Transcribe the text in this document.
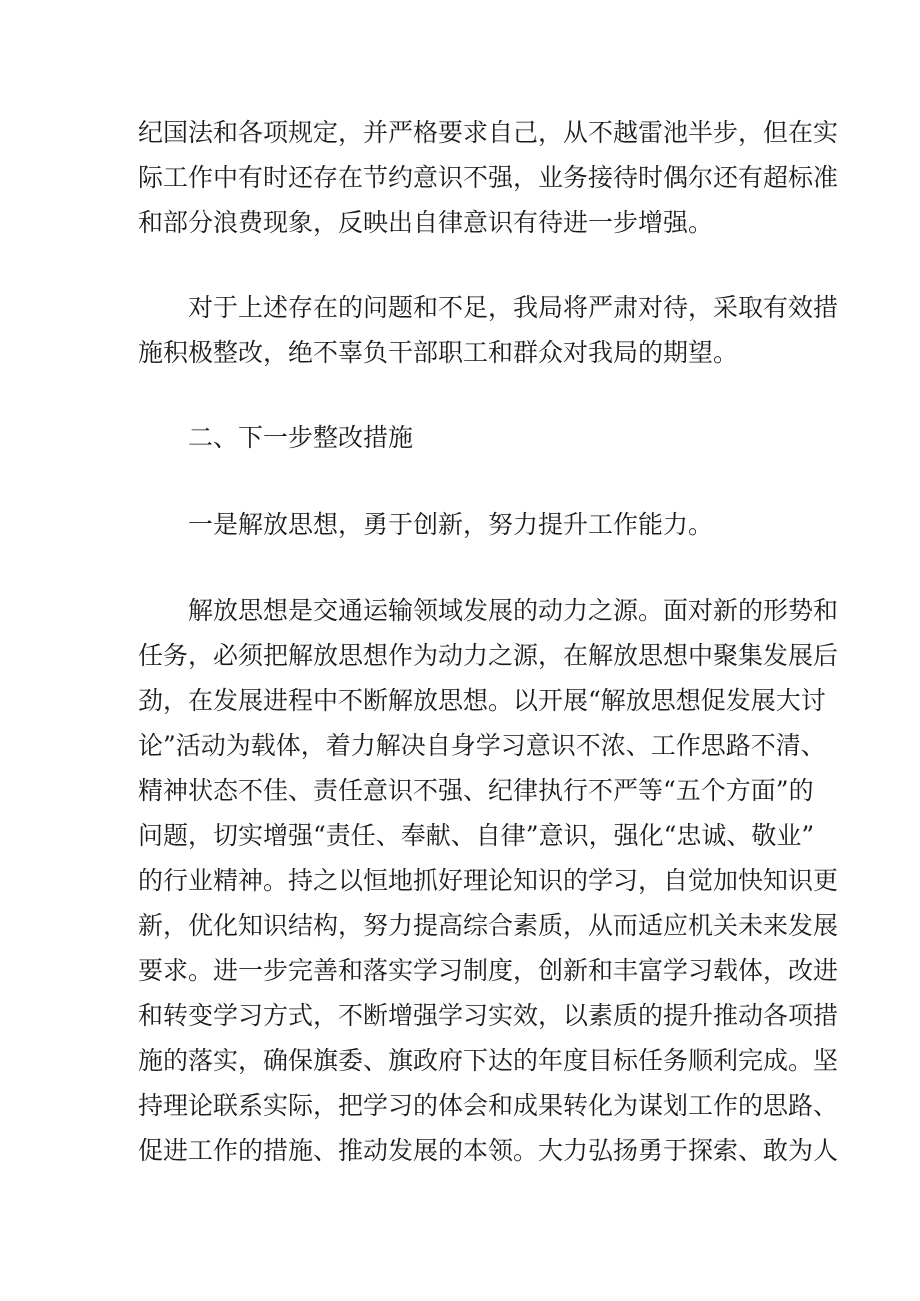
纪国法和各项规定，并严格要求自己，从不越雷池半步，但在实
际工作中有时还存在节约意识不强，业务接待时偶尔还有超标准
和部分浪费现象，反映出自律意识有待进一步增强。
对于上述存在的问题和不足，我局将严肃对待，采取有效措
施积极整改，绝不辜负干部职工和群众对我局的期望。
二、下一步整改措施
一是解放思想，勇于创新，努力提升工作能力。
解放思想是交通运输领域发展的动力之源。面对新的形势和
任务，必须把解放思想作为动力之源，在解放思想中聚集发展后
劲，在发展进程中不断解放思想。以开展“解放思想促发展大讨
论”活动为载体，着力解决自身学习意识不浓、工作思路不清、
精神状态不佳、责任意识不强、纪律执行不严等“五个方面”的
问题，切实增强“责任、奉献、自律”意识，强化“忠诚、敬业”
的行业精神。持之以恒地抓好理论知识的学习，自觉加快知识更
新，优化知识结构，努力提高综合素质，从而适应机关未来发展
要求。进一步完善和落实学习制度，创新和丰富学习载体，改进
和转变学习方式，不断增强学习实效，以素质的提升推动各项措
施的落实，确保旗委、旗政府下达的年度目标任务顺利完成。坚
持理论联系实际，把学习的体会和成果转化为谋划工作的思路、
促进工作的措施、推动发展的本领。大力弘扬勇于探索、敢为人
